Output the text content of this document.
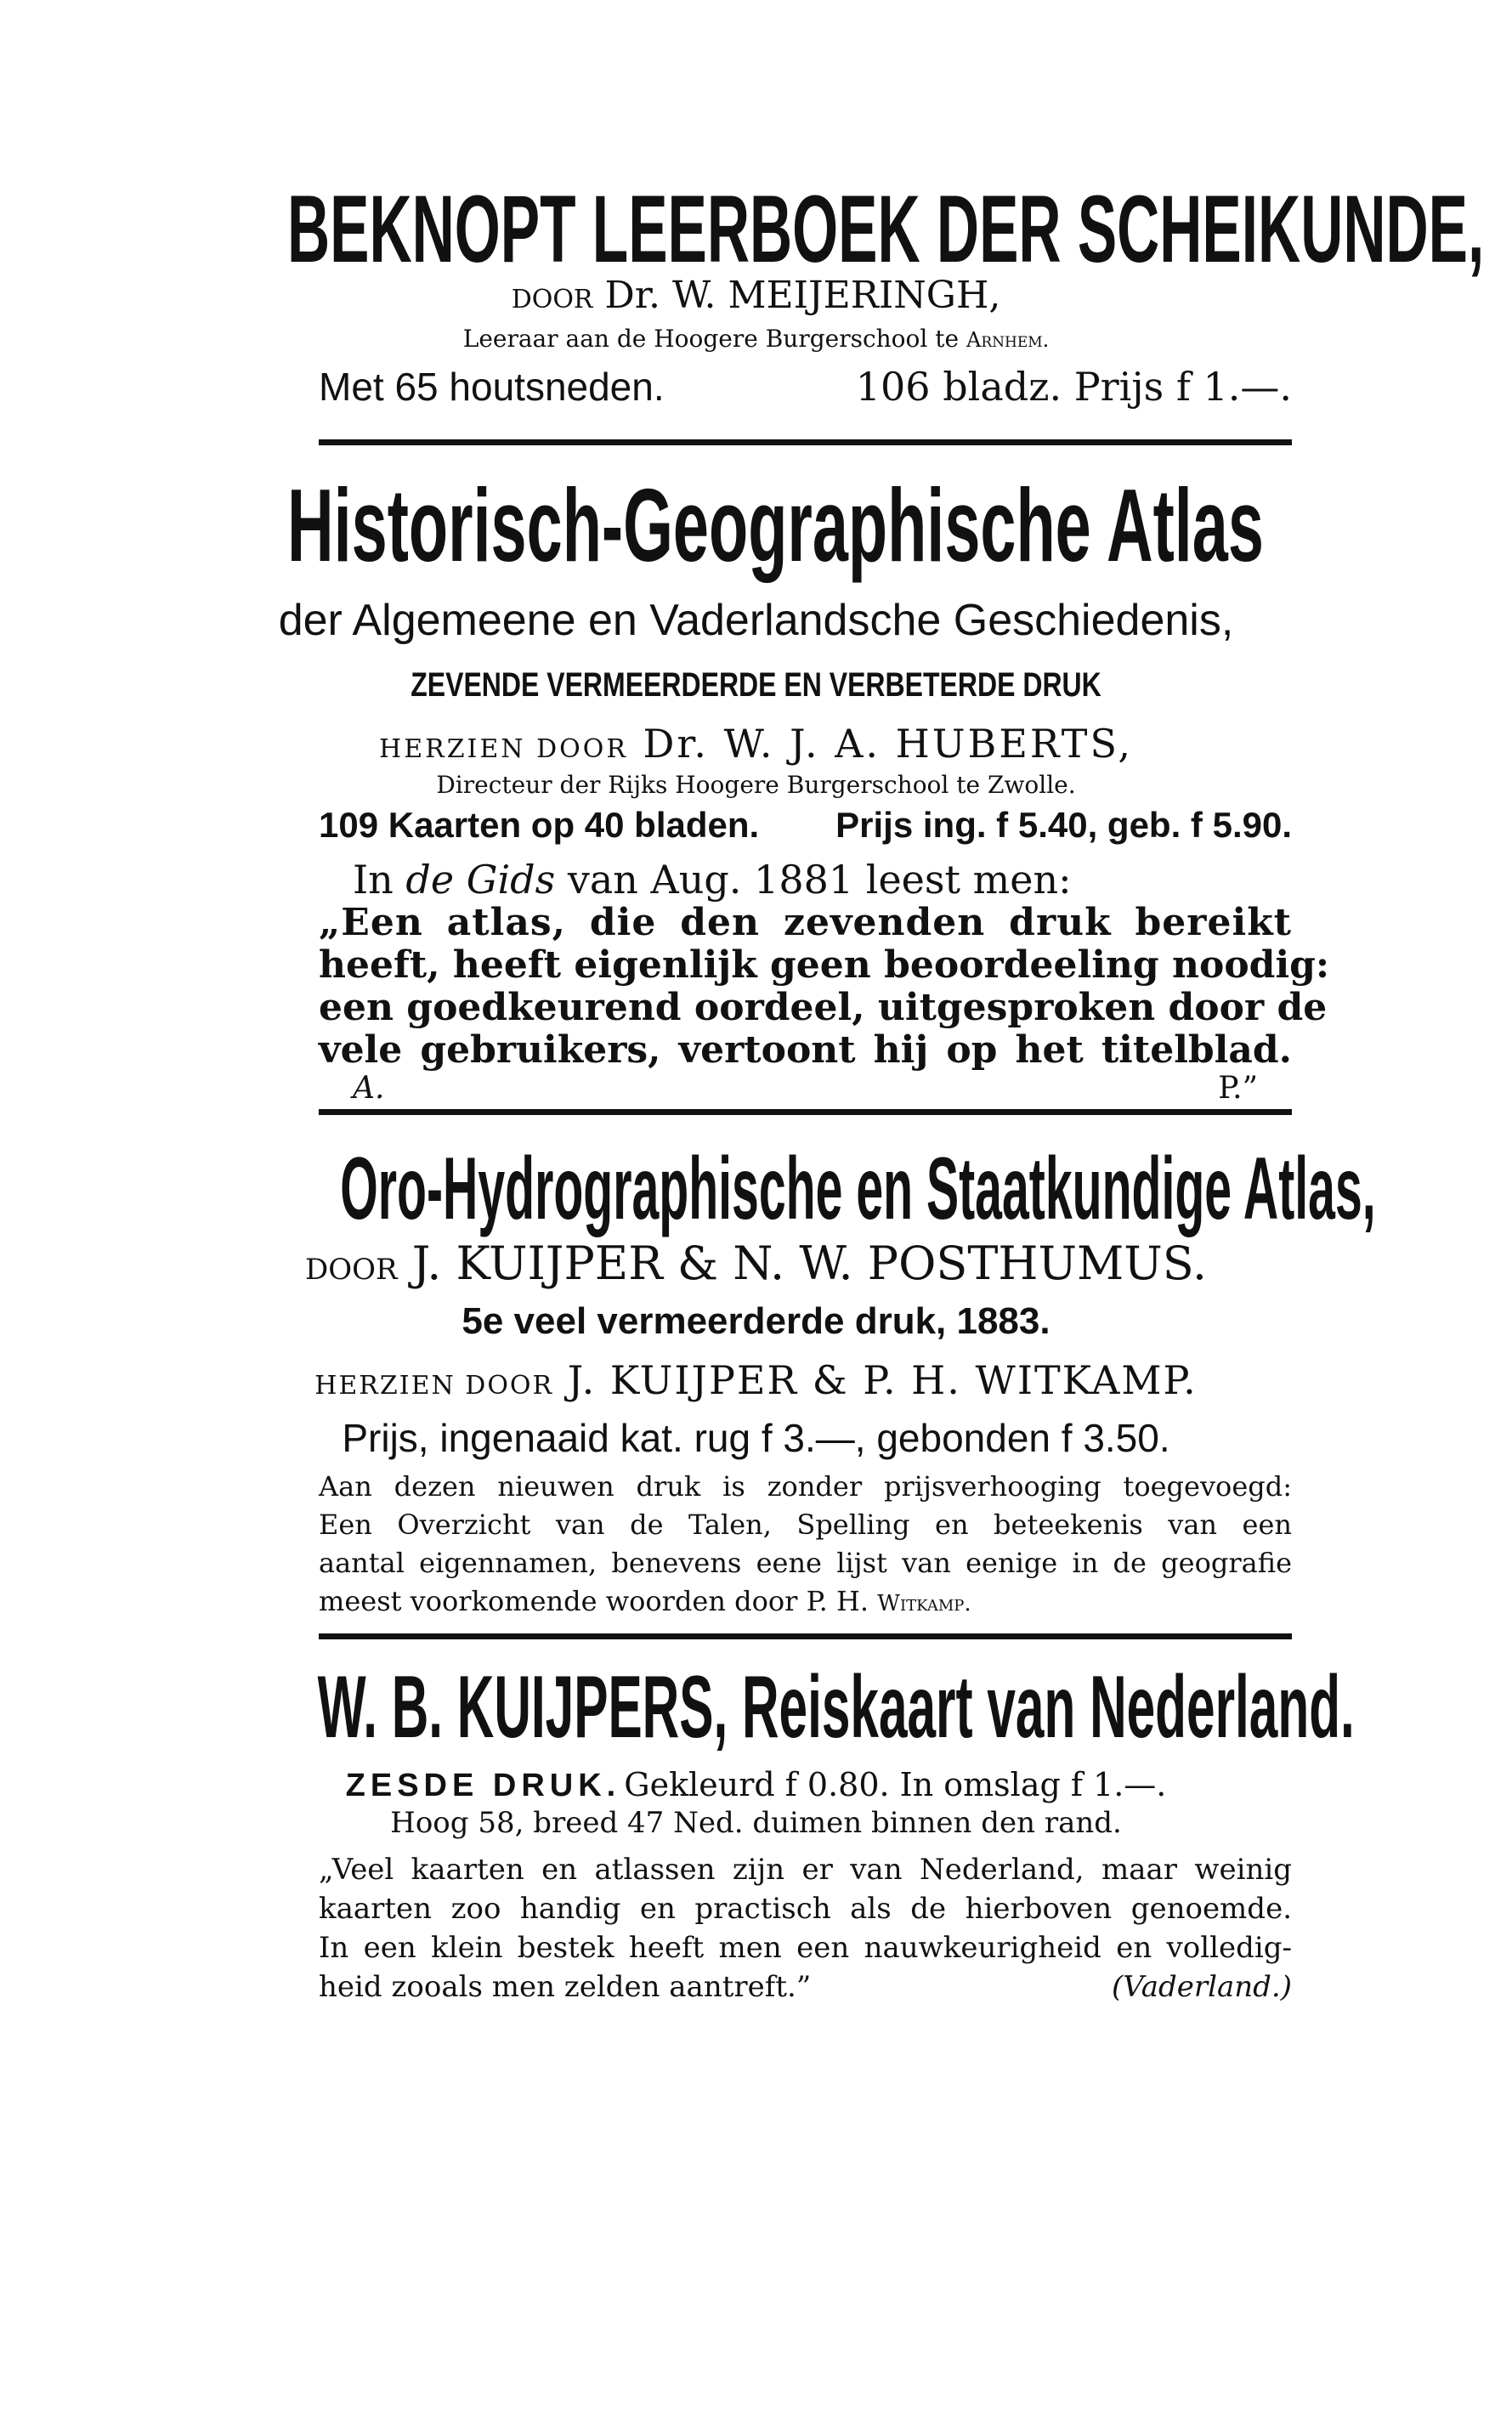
BEKNOPT LEERBOEK DER SCHEIKUNDE,
DOOR Dr. W. MEIJERINGH,
Leeraar aan de Hoogere Burgerschool te Arnhem.
Met 65 houtsneden.	106 bladz. Prijs f 1.—.
Historisch-Geographische Atlas
der Algemeene en Vaderlandsche Geschiedenis,
ZEVENDE VERMEERDERDE EN VERBETERDE DRUK
HERZIEN DOOR Dr. W. J. A. HUBERTS,
Directeur der Rijks Hoogere Burgerschool te Zwolle.
109 Kaarten op 40 bladen. Prijs ing. f 5.40, geb. f 5.90.
In de Gids van Aug. 1881 leest men:
„Een atlas, die den zevenden druk bereikt
heeft, heeft eigenlijk geen beoordeeling noodig:
een goedkeurend oordeel, uitgesproken door de
vele gebruikers, vertoont hij op het titelblad.
A.	P.”
Oro-Hydrographische en Staatkundige Atlas,
DOOR J. KUIJPER & N. W. POSTHUMUS.
5e veel vermeerderde druk, 1883.
HERZIEN DOOR J. KUIJPER & P. H. WITKAMP.
Prijs, ingenaaid kat. rug f 3.—, gebonden f 3.50.
Aan dezen nieuwen druk is zonder prijsverhooging toegevoegd:
Een Overzicht van de Talen, Spelling en beteekenis van een
aantal eigennamen, benevens eene lijst van eenige in de geografie
meest voorkomende woorden door P. H. Witkamp.
W. B. KUIJPERS, Reiskaart van Nederland.
ZESDE DRUK. Gekleurd f 0.80. In omslag f 1.—.
Hoog 58, breed 47 Ned. duimen binnen den rand.
„Veel kaarten en atlassen zijn er van Nederland, maar weinig
kaarten zoo handig en practisch als de hierboven genoemde.
In een klein bestek heeft men een nauwkeurigheid en volledig-
heid zooals men zelden aantreft.”	(Vaderland.)
